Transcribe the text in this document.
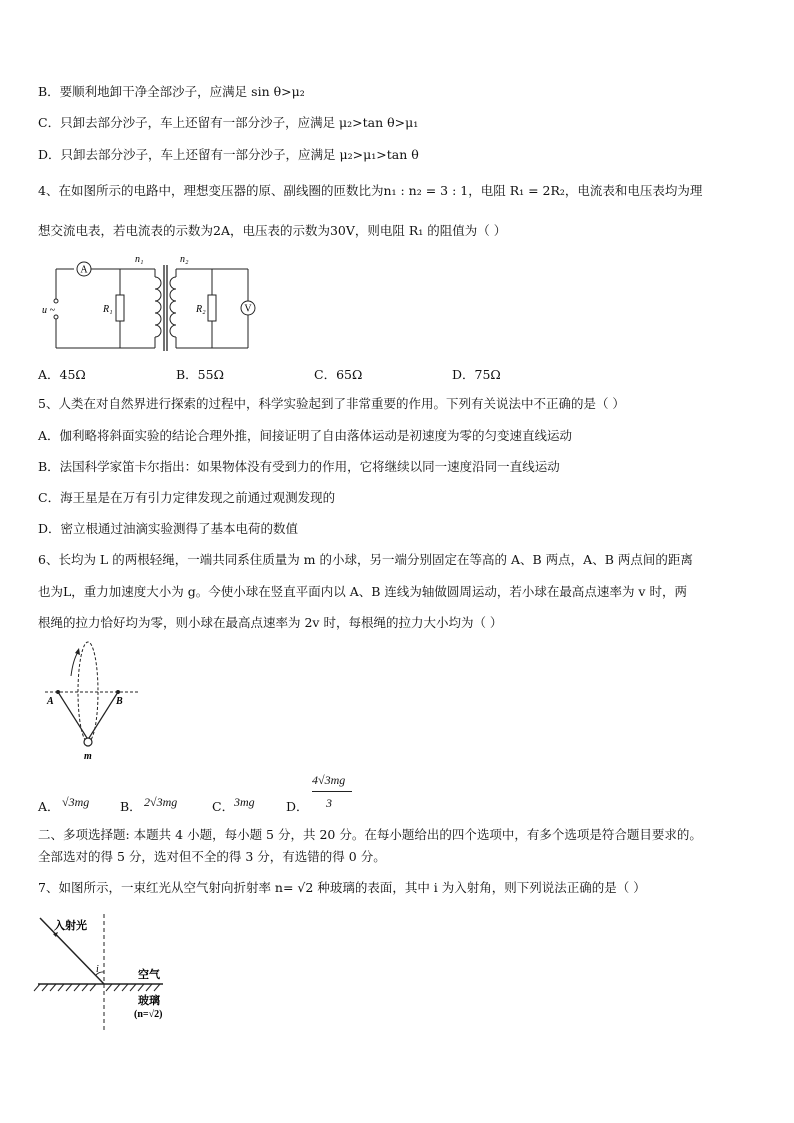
B．要顺利地卸干净全部沙子，应满足 sin θ>μ₂
C．只卸去部分沙子，车上还留有一部分沙子，应满足 μ₂>tan θ>μ₁
D．只卸去部分沙子，车上还留有一部分沙子，应满足 μ₂>μ₁>tan θ
4、在如图所示的电路中，理想变压器的原、副线圈的匝数比为n₁ : n₂ = 3 : 1，电阻 R₁ = 2R₂，电流表和电压表均为理
想交流电表，若电流表的示数为2A，电压表的示数为30V，则电阻 R₁ 的阻值为（ ）
A
V
u ~	R₁	R₂
n₁	n₂
A．45Ω	B．55Ω	C．65Ω	D．75Ω
5、人类在对自然界进行探索的过程中，科学实验起到了非常重要的作用。下列有关说法中不正确的是（ ）
A．伽利略将斜面实验的结论合理外推，间接证明了自由落体运动是初速度为零的匀变速直线运动
B．法国科学家笛卡尔指出：如果物体没有受到力的作用，它将继续以同一速度沿同一直线运动
C．海王星是在万有引力定律发现之前通过观测发现的
D．密立根通过油滴实验测得了基本电荷的数值
6、长均为 L 的两根轻绳，一端共同系住质量为 m 的小球，另一端分别固定在等高的 A、B 两点，A、B 两点间的距离
也为L，重力加速度大小为 g。今使小球在竖直平面内以 A、B 连线为轴做圆周运动，若小球在最高点速率为 v 时，两
根绳的拉力恰好均为零，则小球在最高点速率为 2v 时，每根绳的拉力大小均为（ ）
A	B
m
A． √3mg B． 2√3mg	C． 3mg	D．
4√3mg
3
二、多项选择题: 本题共 4 小题，每小题 5 分，共 20 分。在每小题给出的四个选项中，有多个选项是符合题目要求的。
全部选对的得 5 分，选对但不全的得 3 分，有选错的得 0 分。
7、如图所示，一束红光从空气射向折射率 n= √2 种玻璃的表面，其中 i 为入射角，则下列说法正确的是（ ）
入射光
i	空气
玻璃
(n=√2)
